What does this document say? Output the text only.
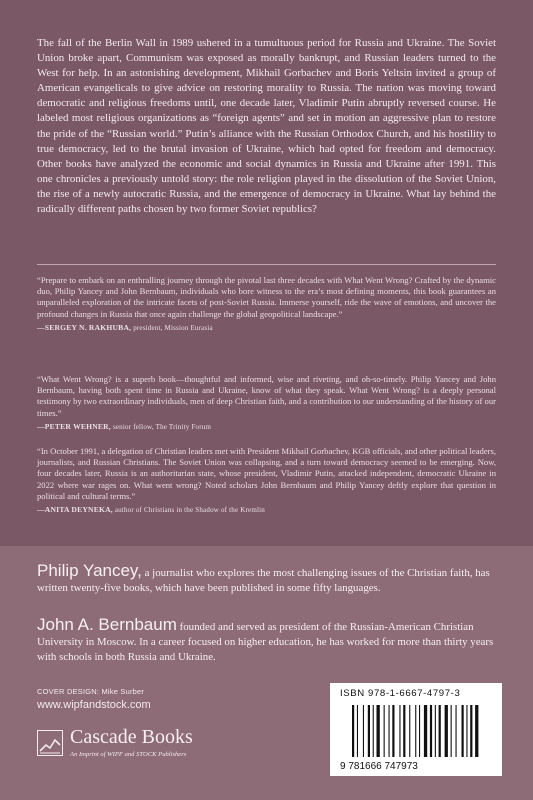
The fall of the Berlin Wall in 1989 ushered in a tumultuous period for Russia and Ukraine. The Soviet Union broke apart, Communism was exposed as morally bankrupt, and Russian leaders turned to the West for help. In an astonishing development, Mikhail Gorbachev and Boris Yeltsin invited a group of American evangelicals to give advice on restoring morality to Russia. The nation was moving toward democratic and religious freedoms until, one decade later, Vladimir Putin abruptly reversed course. He labeled most religious organizations as “foreign agents” and set in motion an aggressive plan to restore the pride of the “Russian world.” Putin’s alliance with the Russian Orthodox Church, and his hostility to true democracy, led to the brutal invasion of Ukraine, which had opted for freedom and democracy. Other books have analyzed the economic and social dynamics in Russia and Ukraine after 1991. This one chronicles a previously untold story: the role religion played in the dissolution of the Soviet Union, the rise of a newly autocratic Russia, and the emergence of democracy in Ukraine. What lay behind the radically different paths chosen by two former Soviet republics?

“Prepare to embark on an enthralling journey through the pivotal last three decades with What Went Wrong? Crafted by the dynamic duo, Philip Yancey and John Bernbaum, individuals who bore witness to the era’s most defining moments, this book guarantees an unparalleled exploration of the intricate facets of post-Soviet Russia. Immerse yourself, ride the wave of emotions, and uncover the profound changes in Russia that once again challenge the global geopolitical landscape.”

—SERGEY N. RAKHUBA, president, Mission Eurasia

“What Went Wrong? is a superb book—thoughtful and informed, wise and riveting, and oh-so-timely. Philip Yancey and John Bernbaum, having both spent time in Russia and Ukraine, know of what they speak. What Went Wrong? is a deeply personal testimony by two extraordinary individuals, men of deep Christian faith, and a contribution to our understanding of the history of our times.”

—PETER WEHNER, senior fellow, The Trinity Forum

“In October 1991, a delegation of Christian leaders met with President Mikhail Gorbachev, KGB officials, and other political leaders, journalists, and Russian Christians. The Soviet Union was collapsing, and a turn toward democracy seemed to be emerging. Now, four decades later, Russia is an authoritarian state, whose president, Vladimir Putin, attacked independent, democratic Ukraine in 2022 where war rages on. What went wrong? Noted scholars John Bernbaum and Philip Yancey deftly explore that question in political and cultural terms.”

—ANITA DEYNEKA, author of Christians in the Shadow of the Kremlin
Philip Yancey, a journalist who explores the most challenging issues of the Christian faith, has written twenty-five books, which have been published in some fifty languages.
John A. Bernbaum founded and served as president of the Russian-American Christian University in Moscow. In a career focused on higher education, he has worked for more than thirty years with schools in both Russia and Ukraine.
COVER DESIGN: Mike Surber
www.wipfandstock.com
Cascade Books
An Imprint of WIPF and STOCK Publishers
ISBN 978-1-6667-4797-3
9 781666 747973
